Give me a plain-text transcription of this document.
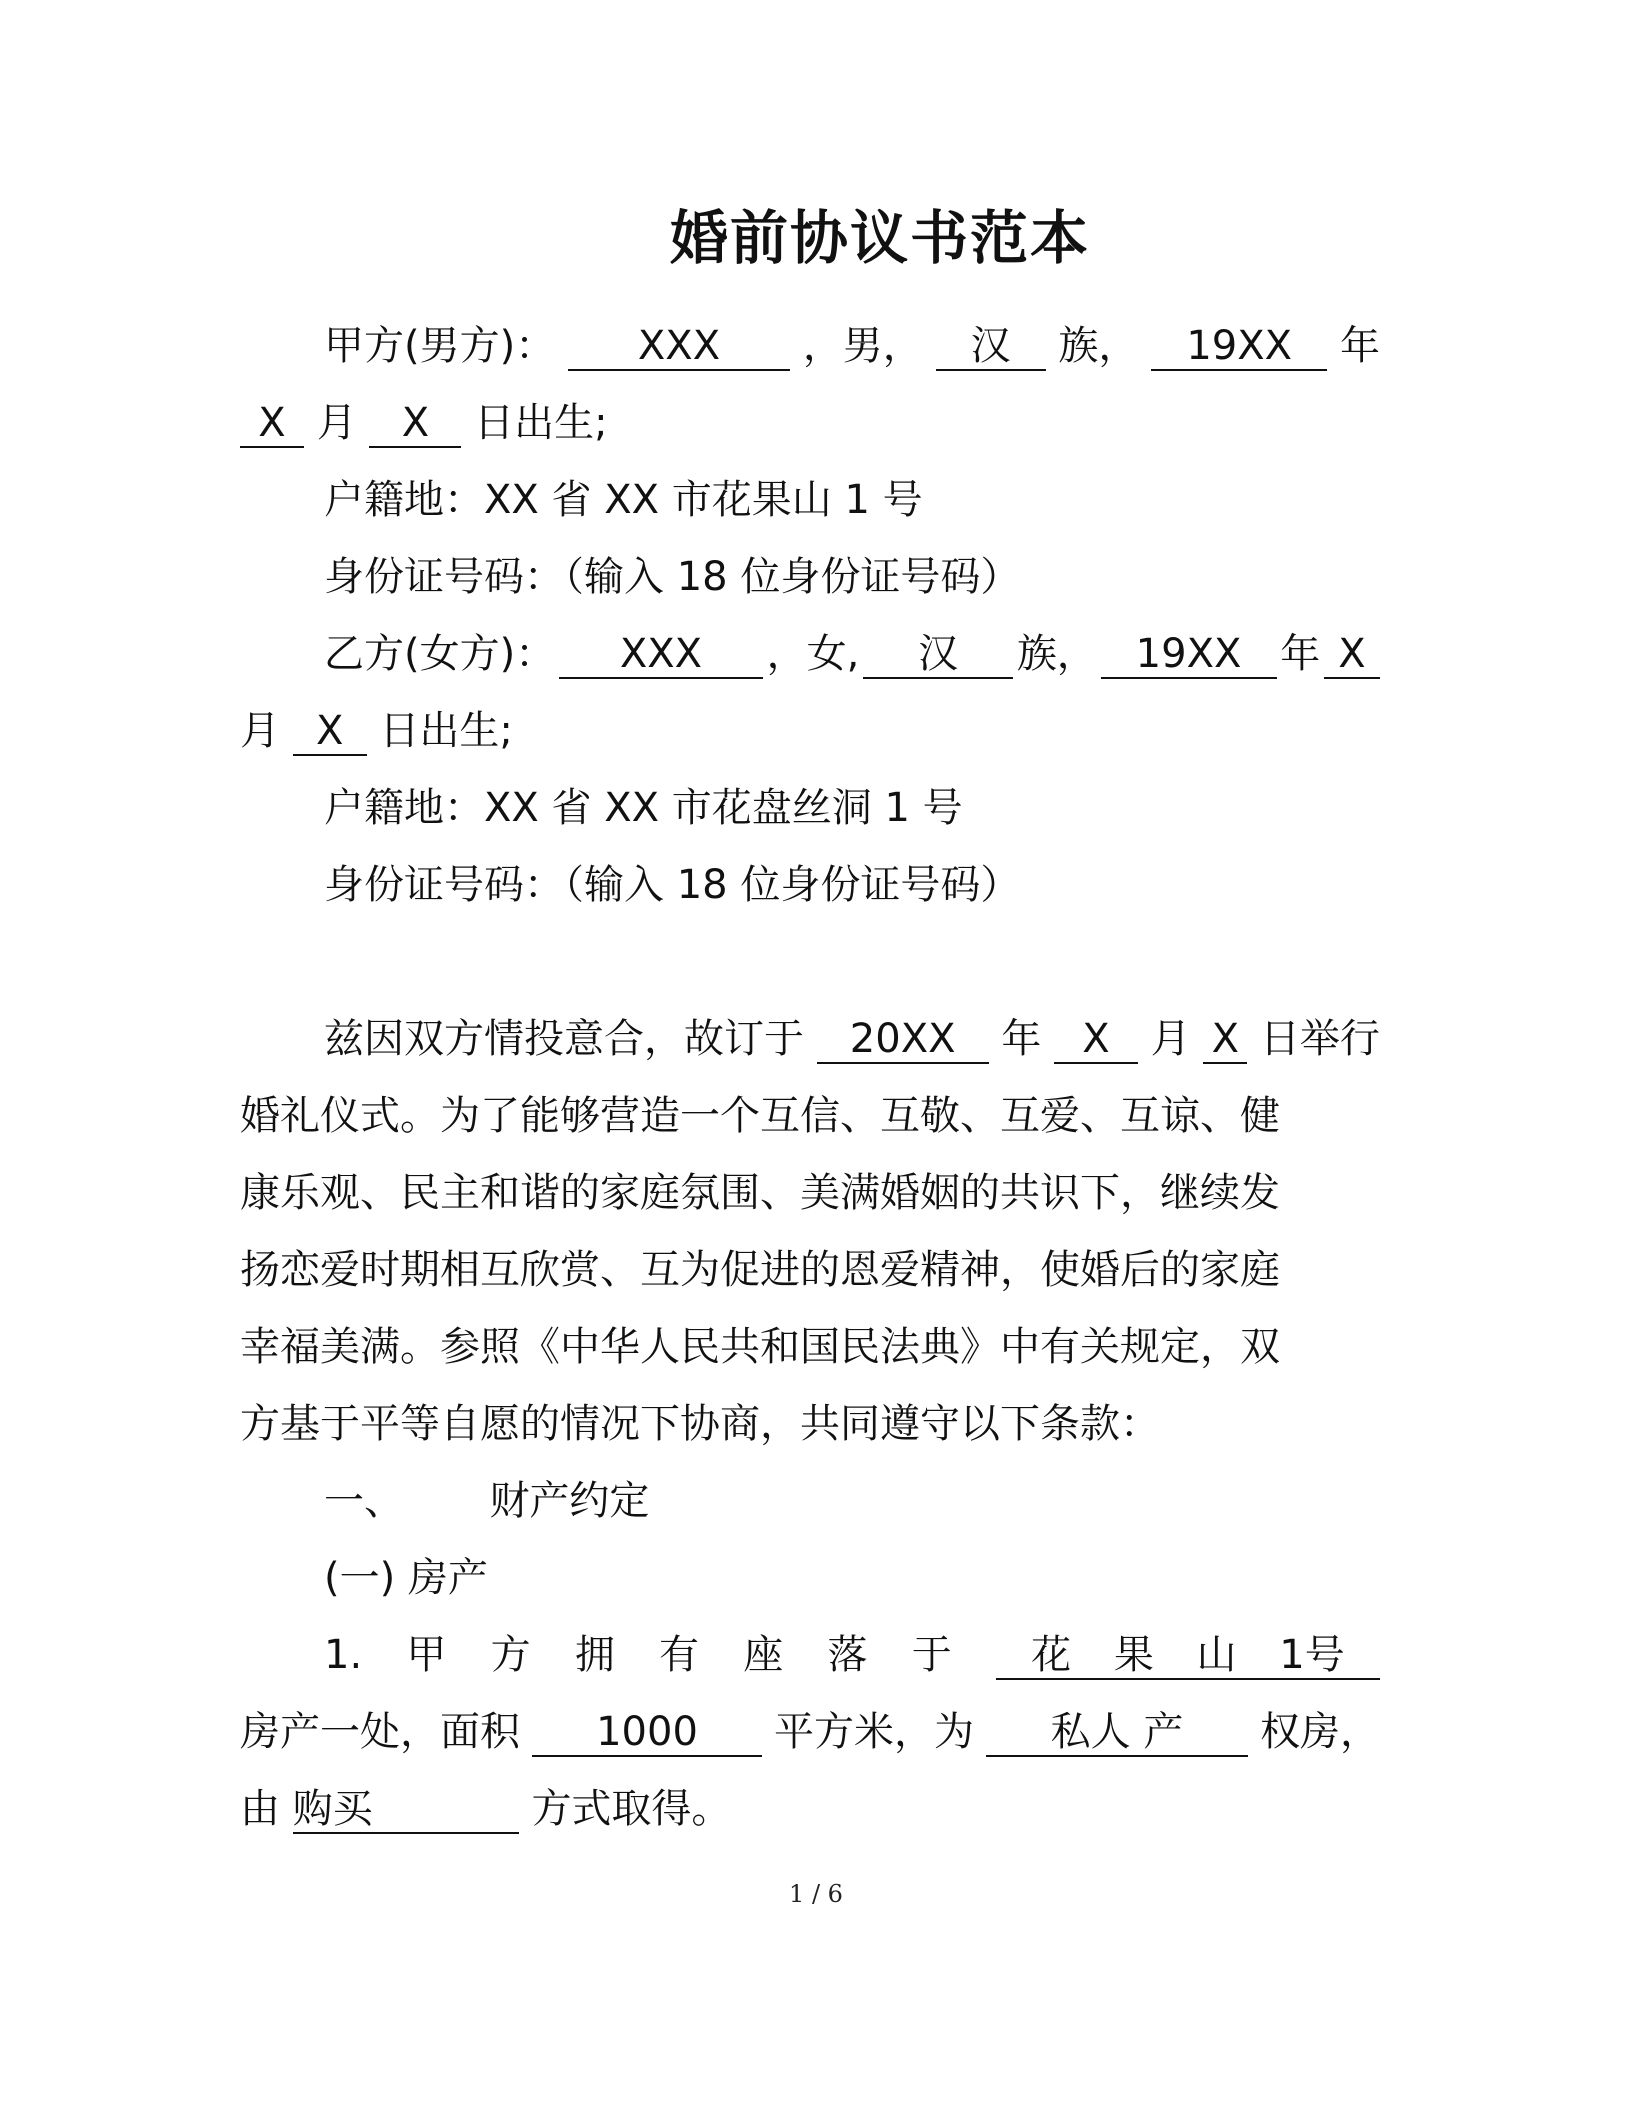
婚前协议书范本
甲方(男方)：	XXX	，男，	汉	族，	19XX	年
X 月 X 日出生;
户籍地：XX 省 XX 市花果山 1 号
身份证号码：（输入 18 位身份证号码）
乙方(女方)：	XXX	，女,	汉	族， 19XX 年 X
月 X 日出生;
户籍地：XX 省 XX 市花盘丝洞 1 号
身份证号码：（输入 18 位身份证号码）
兹因双方情投意合，故订于	20XX	年	X	月 X 日举行
婚礼仪式。为了能够营造一个互信、互敬、互爱、互谅、健
康乐观、民主和谐的家庭氛围、美满婚姻的共识下，继续发
扬恋爱时期相互欣赏、互为促进的恩爱精神，使婚后的家庭
幸福美满。参照《中华人民共和国民法典》中有关规定，双
方基于平等自愿的情况下协商，共同遵守以下条款：
一、 财产约定
(一) 房产
1. 甲 方 拥 有 座 落 于	花 果 山 1号
房产一处，面积	1000	平方米，为	私人 产	权房，
由 购买	方式取得。
1 / 6
